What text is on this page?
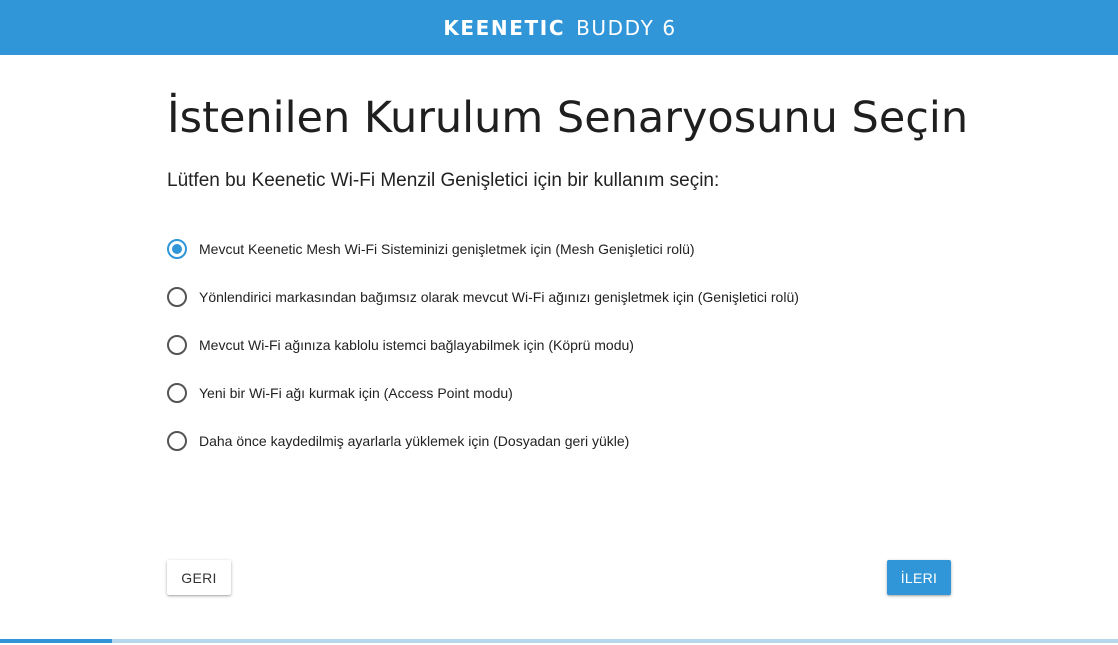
KEENETIC BUDDY 6
İstenilen Kurulum Senaryosunu Seçin

Lütfen bu Keenetic Wi-Fi Menzil Genişletici için bir kullanım seçin:

Mevcut Keenetic Mesh Wi-Fi Sisteminizi genişletmek için (Mesh Genişletici rolü)
Yönlendirici markasından bağımsız olarak mevcut Wi-Fi ağınızı genişletmek için (Genişletici rolü)
Mevcut Wi-Fi ağınıza kablolu istemci bağlayabilmek için (Köprü modu)
Yeni bir Wi-Fi ağı kurmak için (Access Point modu)
Daha önce kaydedilmiş ayarlarla yüklemek için (Dosyadan geri yükle)
GERI	İLERI
